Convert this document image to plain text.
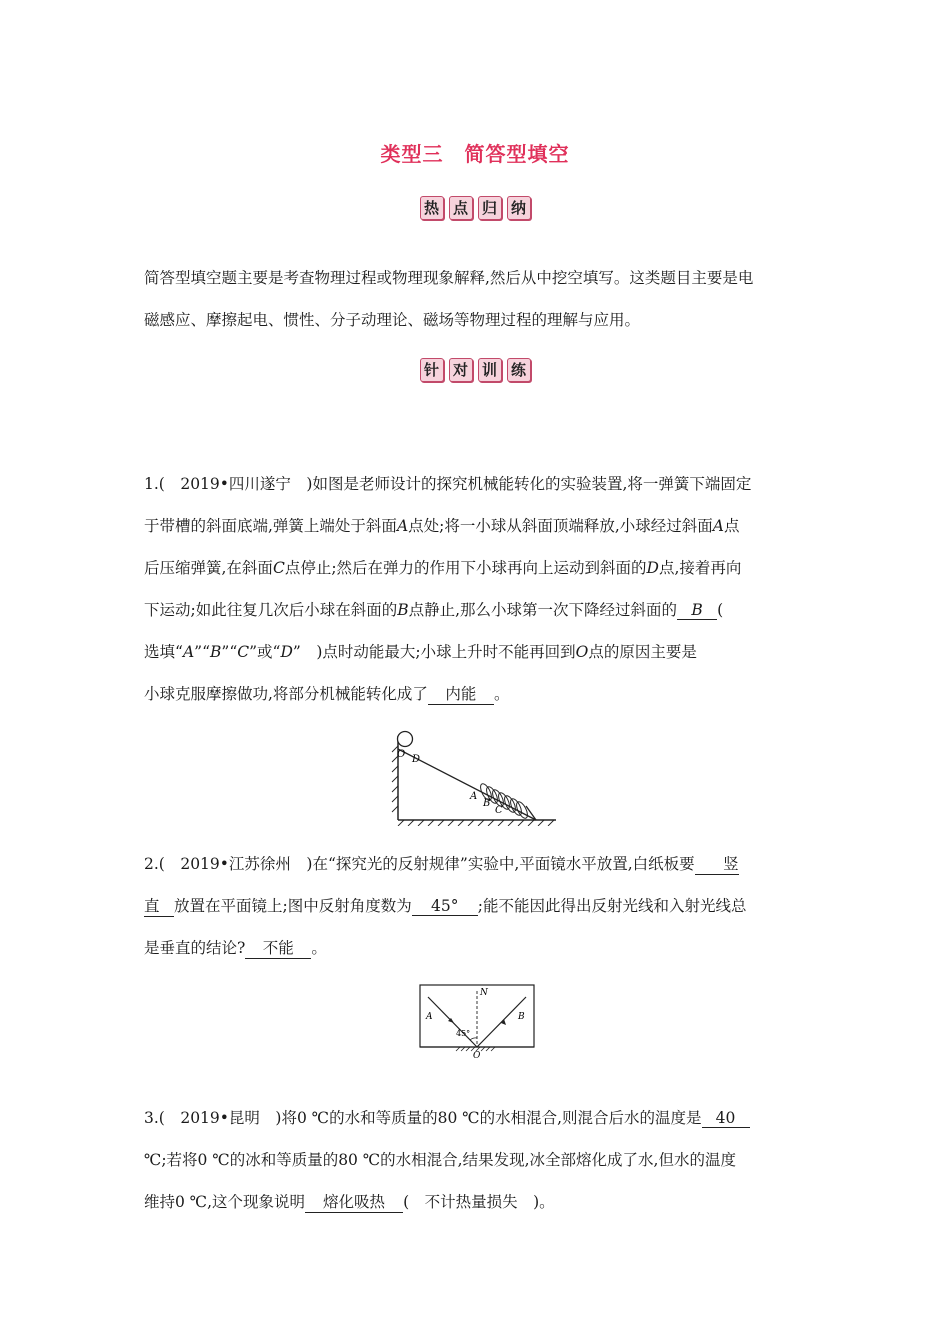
类型三　简答型填空
热 点 归 纳
简答型填空题主要是考查物理过程或物理现象解释,然后从中挖空填写。这类题目主要是电
磁感应、摩擦起电、惯性、分子动理论、磁场等物理过程的理解与应用。
针 对 训 练
1.(　2019•四川遂宁　)如图是老师设计的探究机械能转化的实验装置,将一弹簧下端固定
于带槽的斜面底端,弹簧上端处于斜面A点处;将一小球从斜面顶端释放,小球经过斜面A点
后压缩弹簧,在斜面C点停止;然后在弹力的作用下小球再向上运动到斜面的D点,接着再向
下运动;如此往复几次后小球在斜面的B点静止,那么小球第一次下降经过斜面的 B (
选填“A”“B”“C”或“D”　)点时动能最大;小球上升时不能再回到O点的原因主要是
小球克服摩擦做功,将部分机械能转化成了 内能 。
O D
A
B
C
2.(　2019•江苏徐州　)在“探究光的反射规律”实验中,平面镜水平放置,白纸板要 竖
直 放置在平面镜上;图中反射角度数为 45° ;能不能因此得出反射光线和入射光线总
是垂直的结论? 不能 。
N
A	B
45°
O
3.(　2019•昆明　)将0 ℃的水和等质量的80 ℃的水相混合,则混合后水的温度是 40
℃;若将0 ℃的冰和等质量的80 ℃的水相混合,结果发现,冰全部熔化成了水,但水的温度
维持0 ℃,这个现象说明 熔化吸热 (　不计热量损失　)。
